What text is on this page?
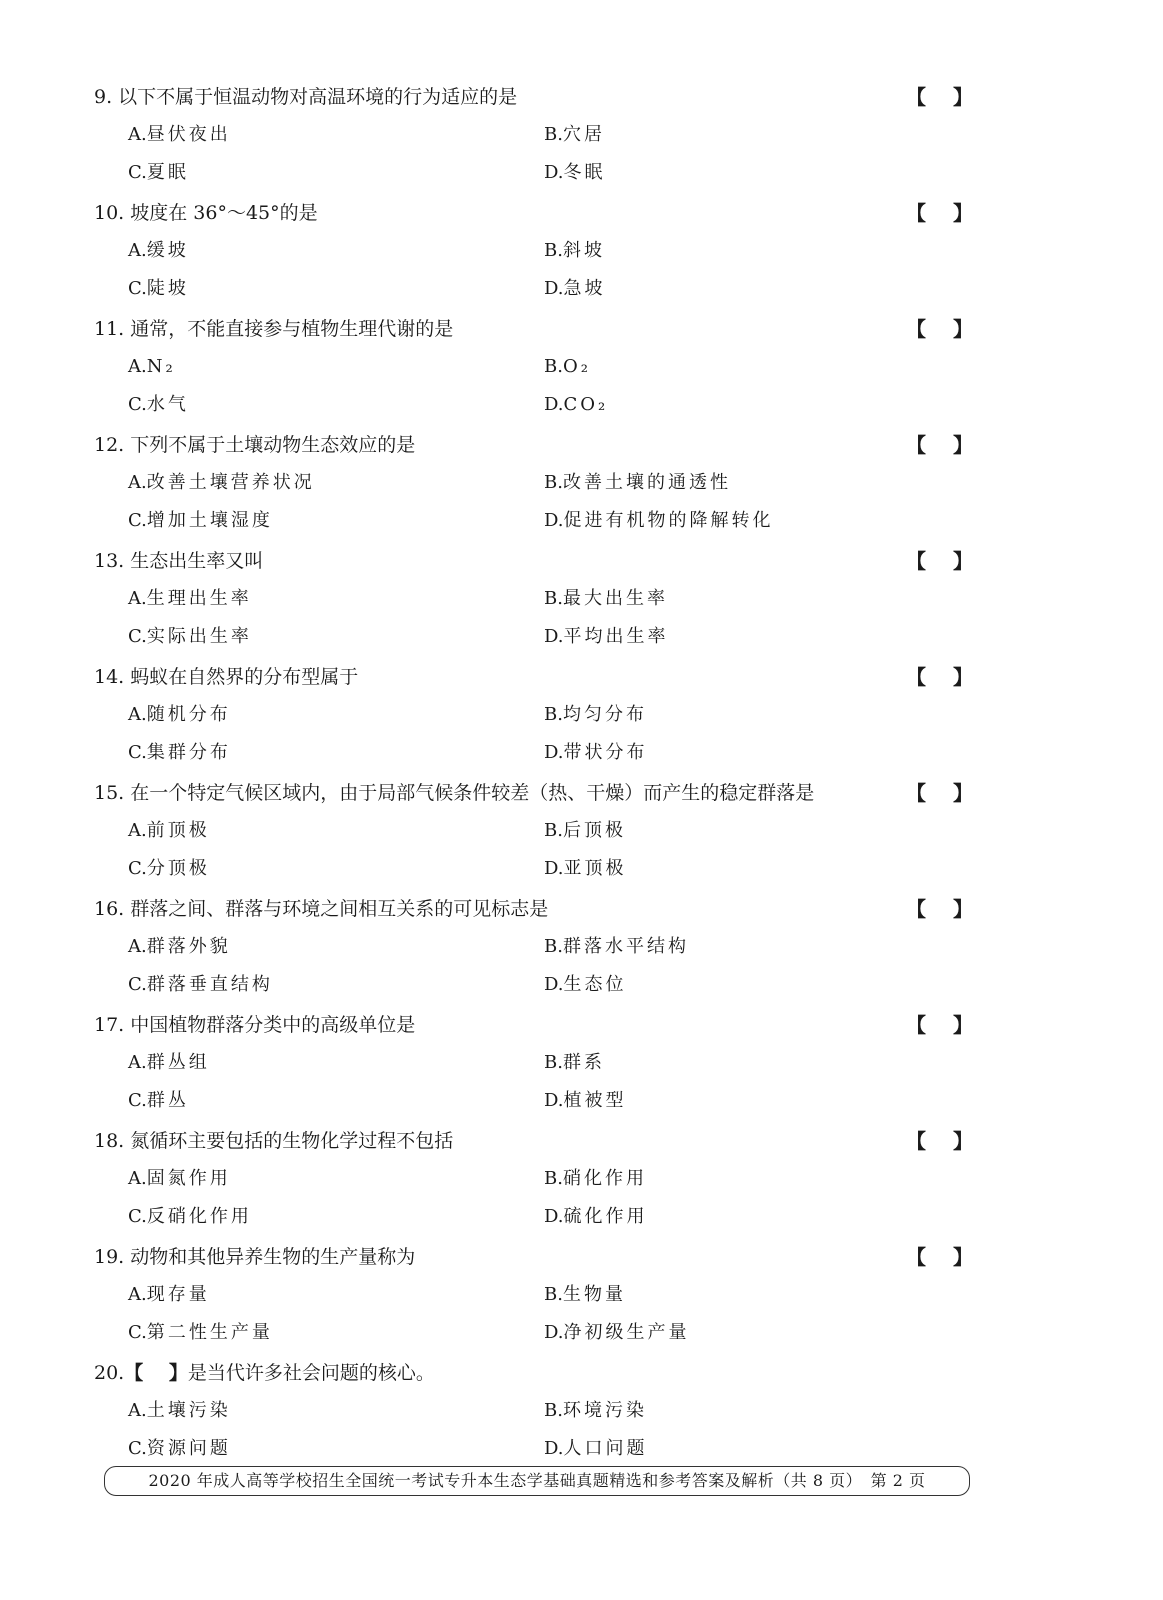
9. 以下不属于恒温动物对高温环境的行为适应的是	【　 】
A.昼伏夜出	B.穴居
C.夏眠	D.冬眠
10. 坡度在 36°～45°的是	【　 】
A.缓坡	B.斜坡
C.陡坡	D.急坡
11. 通常，不能直接参与植物生理代谢的是	【　 】
A.N₂	B.O₂
C.水气	D.CO₂
12. 下列不属于土壤动物生态效应的是	【　 】
A.改善土壤营养状况	B.改善土壤的通透性
C.增加土壤湿度	D.促进有机物的降解转化
13. 生态出生率又叫	【　 】
A.生理出生率	B.最大出生率
C.实际出生率	D.平均出生率
14. 蚂蚁在自然界的分布型属于	【　 】
A.随机分布	B.均匀分布
C.集群分布	D.带状分布
15. 在一个特定气候区域内，由于局部气候条件较差（热、干燥）而产生的稳定群落是	【　 】
A.前顶极	B.后顶极
C.分顶极	D.亚顶极
16. 群落之间、群落与环境之间相互关系的可见标志是	【　 】
A.群落外貌	B.群落水平结构
C.群落垂直结构	D.生态位
17. 中国植物群落分类中的高级单位是	【　 】
A.群丛组	B.群系
C.群丛	D.植被型
18. 氮循环主要包括的生物化学过程不包括	【　 】
A.固氮作用	B.硝化作用
C.反硝化作用	D.硫化作用
19. 动物和其他异养生物的生产量称为	【　 】
A.现存量	B.生物量
C.第二性生产量	D.净初级生产量
20.【　 】是当代许多社会问题的核心。
A.土壤污染	B.环境污染
C.资源问题	D.人口问题
2020 年成人高等学校招生全国统一考试专升本生态学基础真题精选和参考答案及解析（共 8 页）　第 2 页
